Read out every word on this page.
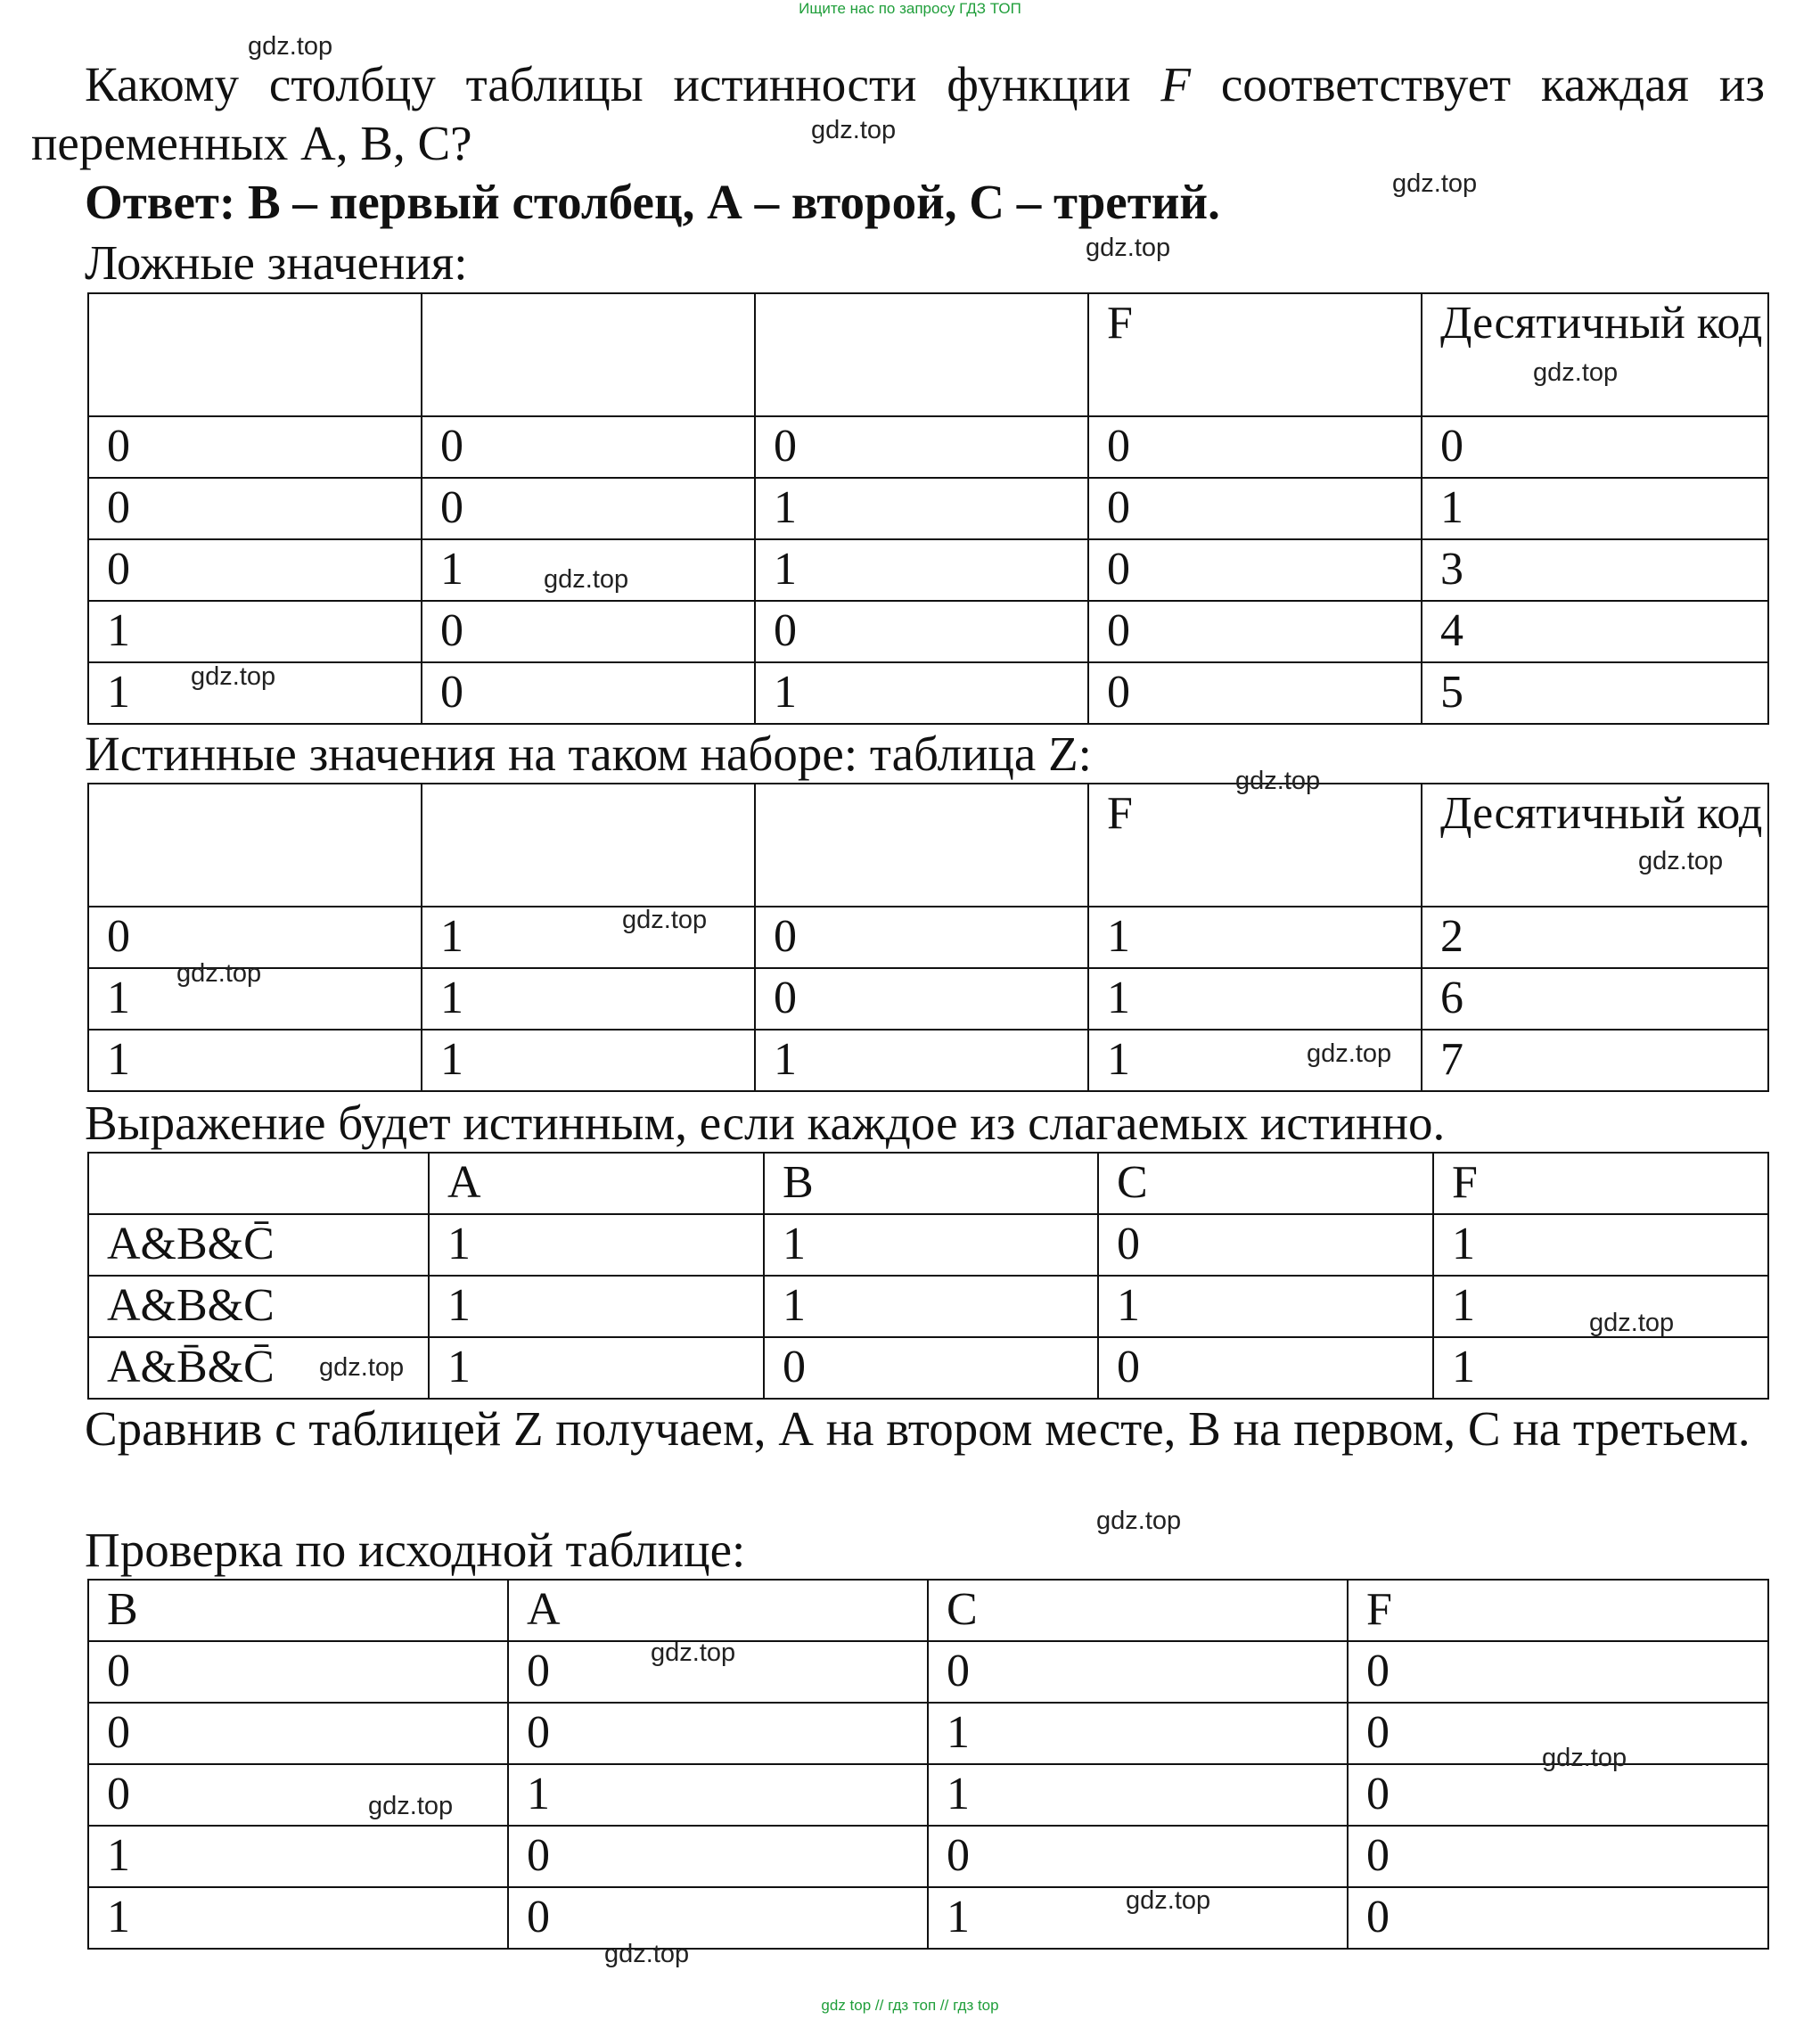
Ищите нас по запросу ГДЗ ТОП
gdz top // гдз топ // гдз top
Какому столбцу таблицы истинности функции F соответствует каждая из переменных А, В, С?
Ответ: В – первый столбец, А – второй, С – третий.
Ложные значения:
			F	Десятичный код
0	0	0	0	0
0	0	1	0	1
0	1	1	0	3
1	0	0	0	4
1	0	1	0	5
Истинные значения на таком наборе: таблица Z:
			F	Десятичный код
0	1	0	1	2
1	1	0	1	6
1	1	1	1	7
Выражение будет истинным, если каждое из слагаемых истинно.
	A	B	C	F
A&B&C̄	1	1	0	1
A&B&C	1	1	1	1
A&B̄&C̄	1	0	0	1
Сравнив с таблицей Z получаем, А на втором месте, В на первом, С на третьем.
Проверка по исходной таблице:
B	A	C	F
0	0	0	0
0	0	1	0
0	1	1	0
1	0	0	0
1	0	1	0
gdz.top
gdz.top
gdz.top
gdz.top
gdz.top
gdz.top
gdz.top
gdz.top
gdz.top
gdz.top
gdz.top
gdz.top
gdz.top
gdz.top
gdz.top
gdz.top
gdz.top
gdz.top
gdz.top
gdz.top
